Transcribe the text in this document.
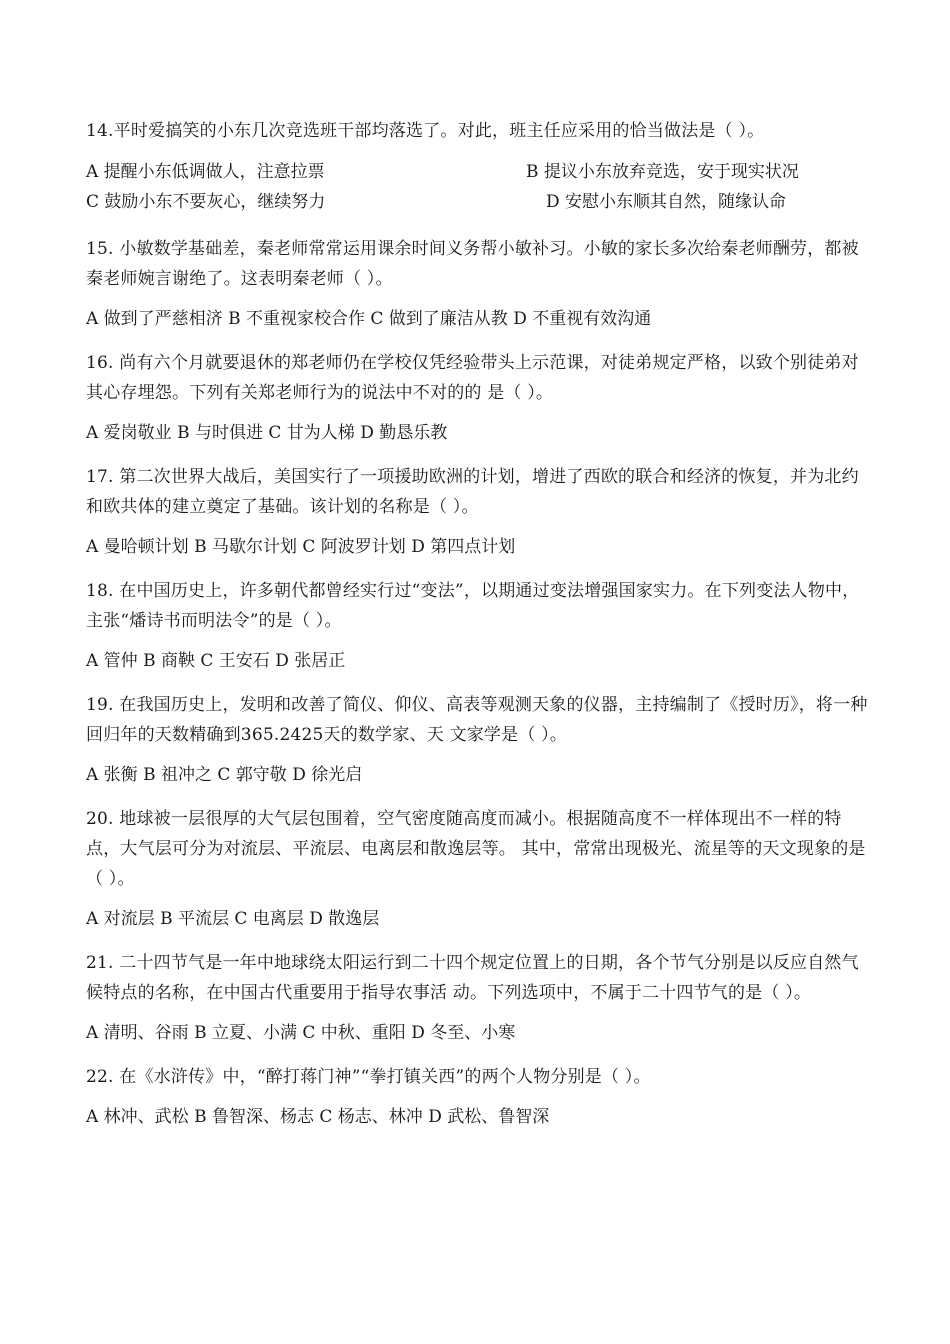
14.平时爱搞笑的小东几次竞选班干部均落选了。对此，班主任应采用的恰当做法是（ ）。

A 提醒小东低调做人，注意拉票	B 提议小东放弃竞选，安于现实状况
C 鼓励小东不要灰心，继续努力	D 安慰小东顺其自然，随缘认命

15. 小敏数学基础差，秦老师常常运用课余时间义务帮小敏补习。小敏的家长多次给秦老师酬劳，都被秦老师婉言谢绝了。这表明秦老师（ ）。

A 做到了严慈相济 B 不重视家校合作 C 做到了廉洁从教 D 不重视有效沟通

16. 尚有六个月就要退休的郑老师仍在学校仅凭经验带头上示范课，对徒弟规定严格，以致个别徒弟对其心存埋怨。下列有关郑老师行为的说法中不对的的 是（ ）。

A 爱岗敬业 B 与时俱进 C 甘为人梯 D 勤恳乐教

17. 第二次世界大战后，美国实行了一项援助欧洲的计划，增进了西欧的联合和经济的恢复，并为北约和欧共体的建立奠定了基础。该计划的名称是（ ）。

A 曼哈顿计划 B 马歇尔计划 C 阿波罗计划 D 第四点计划

18. 在中国历史上，许多朝代都曾经实行过“变法”，以期通过变法增强国家实力。在下列变法人物中，主张“燔诗书而明法令”的是（ ）。

A 管仲 B 商鞅 C 王安石 D 张居正

19. 在我国历史上，发明和改善了简仪、仰仪、高表等观测天象的仪器，主持编制了《授时历》，将一种回归年的天数精确到365.2425天的数学家、天 文家学是（ ）。

A 张衡 B 祖冲之 C 郭守敬 D 徐光启

20. 地球被一层很厚的大气层包围着，空气密度随高度而减小。根据随高度不一样体现出不一样的特点，大气层可分为对流层、平流层、电离层和散逸层等。 其中，常常出现极光、流星等的天文现象的是（ ）。

A 对流层 B 平流层 C 电离层 D 散逸层

21. 二十四节气是一年中地球绕太阳运行到二十四个规定位置上的日期，各个节气分别是以反应自然气候特点的名称，在中国古代重要用于指导农事活 动。下列选项中，不属于二十四节气的是（ ）。

A 清明、谷雨 B 立夏、小满 C 中秋、重阳 D 冬至、小寒

22. 在《水浒传》中，“醉打蒋门神”“拳打镇关西”的两个人物分别是（ ）。

A 林冲、武松 B 鲁智深、杨志 C 杨志、林冲 D 武松、鲁智深
